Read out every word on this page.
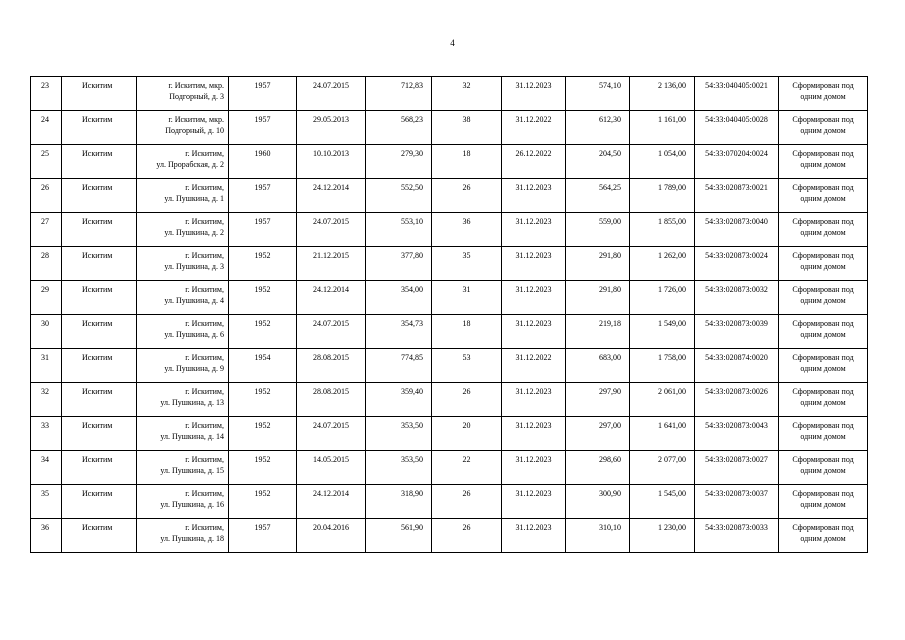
4
23	Искитим	г. Искитим, мкр.
Подгорный, д. 3	1957	24.07.2015	712,83	32	31.12.2023	574,10	2 136,00	54:33:040405:0021	Сформирован под
одним домом

24	Искитим	г. Искитим, мкр.
Подгорный, д. 10	1957	29.05.2013	568,23	38	31.12.2022	612,30	1 161,00	54:33:040405:0028	Сформирован под
одним домом

25	Искитим	г. Искитим,
ул. Прорабская, д. 2	1960	10.10.2013	279,30	18	26.12.2022	204,50	1 054,00	54:33:070204:0024	Сформирован под
одним домом

26	Искитим	г. Искитим,
ул. Пушкина, д. 1	1957	24.12.2014	552,50	26	31.12.2023	564,25	1 789,00	54:33:020873:0021	Сформирован под
одним домом

27	Искитим	г. Искитим,
ул. Пушкина, д. 2	1957	24.07.2015	553,10	36	31.12.2023	559,00	1 855,00	54:33:020873:0040	Сформирован под
одним домом

28	Искитим	г. Искитим,
ул. Пушкина, д. 3	1952	21.12.2015	377,80	35	31.12.2023	291,80	1 262,00	54:33:020873:0024	Сформирован под
одним домом

29	Искитим	г. Искитим,
ул. Пушкина, д. 4	1952	24.12.2014	354,00	31	31.12.2023	291,80	1 726,00	54:33:020873:0032	Сформирован под
одним домом

30	Искитим	г. Искитим,
ул. Пушкина, д. 6	1952	24.07.2015	354,73	18	31.12.2023	219,18	1 549,00	54:33:020873:0039	Сформирован под
одним домом

31	Искитим	г. Искитим,
ул. Пушкина, д. 9	1954	28.08.2015	774,85	53	31.12.2022	683,00	1 758,00	54:33:020874:0020	Сформирован под
одним домом

32	Искитим	г. Искитим,
ул. Пушкина, д. 13	1952	28.08.2015	359,40	26	31.12.2023	297,90	2 061,00	54:33:020873:0026	Сформирован под
одним домом

33	Искитим	г. Искитим,
ул. Пушкина, д. 14	1952	24.07.2015	353,50	20	31.12.2023	297,00	1 641,00	54:33:020873:0043	Сформирован под
одним домом

34	Искитим	г. Искитим,
ул. Пушкина, д. 15	1952	14.05.2015	353,50	22	31.12.2023	298,60	2 077,00	54:33:020873:0027	Сформирован под
одним домом

35	Искитим	г. Искитим,
ул. Пушкина, д. 16	1952	24.12.2014	318,90	26	31.12.2023	300,90	1 545,00	54:33:020873:0037	Сформирован под
одним домом

36	Искитим	г. Искитим,
ул. Пушкина, д. 18	1957	20.04.2016	561,90	26	31.12.2023	310,10	1 230,00	54:33:020873:0033	Сформирован под
одним домом
